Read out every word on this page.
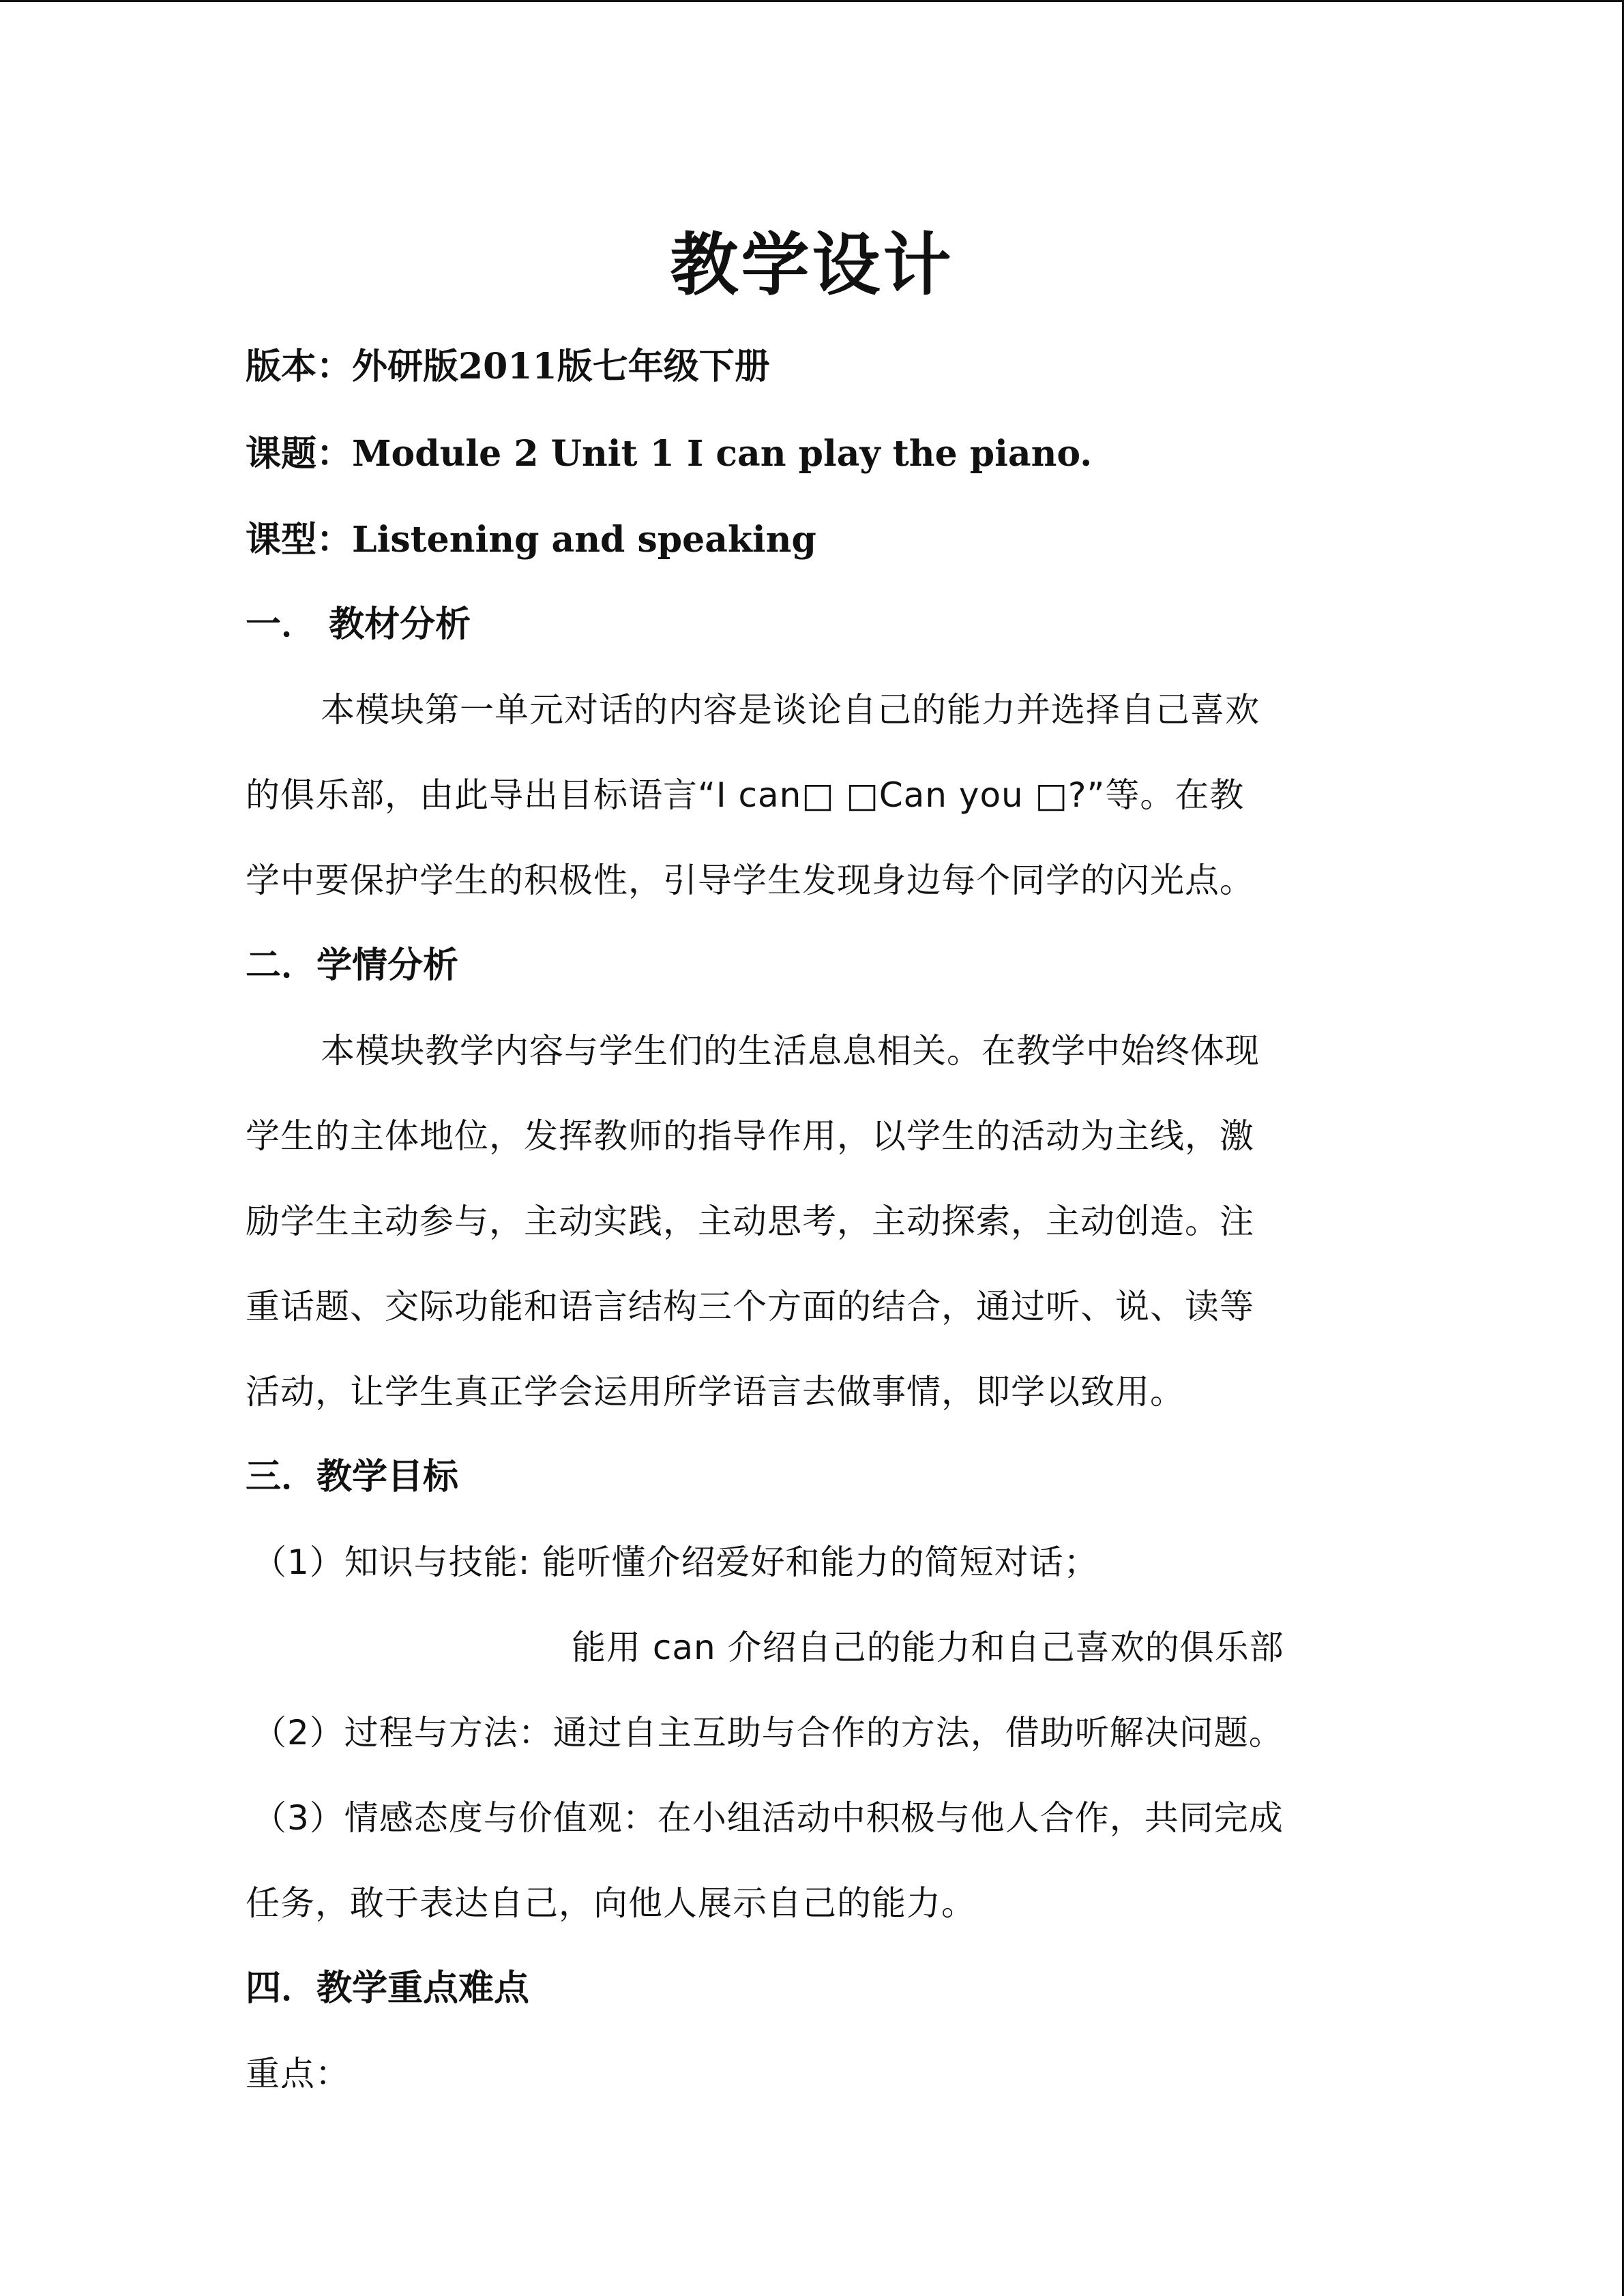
教学设计
版本：外研版2011版七年级下册
课题：Module 2 Unit 1 I can play the piano.
课型：Listening and speaking
一． 教材分析
本模块第一单元对话的内容是谈论自己的能力并选择自己喜欢
的俱乐部，由此导出目标语言“I can□ □Can you □?”等。在教
学中要保护学生的积极性，引导学生发现身边每个同学的闪光点。
二．学情分析
本模块教学内容与学生们的生活息息相关。在教学中始终体现
学生的主体地位，发挥教师的指导作用，以学生的活动为主线，激
励学生主动参与，主动实践，主动思考，主动探索，主动创造。注
重话题、交际功能和语言结构三个方面的结合，通过听、说、读等
活动，让学生真正学会运用所学语言去做事情，即学以致用。
三．教学目标
（1）知识与技能: 能听懂介绍爱好和能力的简短对话；
能用 can 介绍自己的能力和自己喜欢的俱乐部
（2）过程与方法：通过自主互助与合作的方法，借助听解决问题。
（3）情感态度与价值观：在小组活动中积极与他人合作，共同完成
任务，敢于表达自己，向他人展示自己的能力。
四．教学重点难点
重点：
